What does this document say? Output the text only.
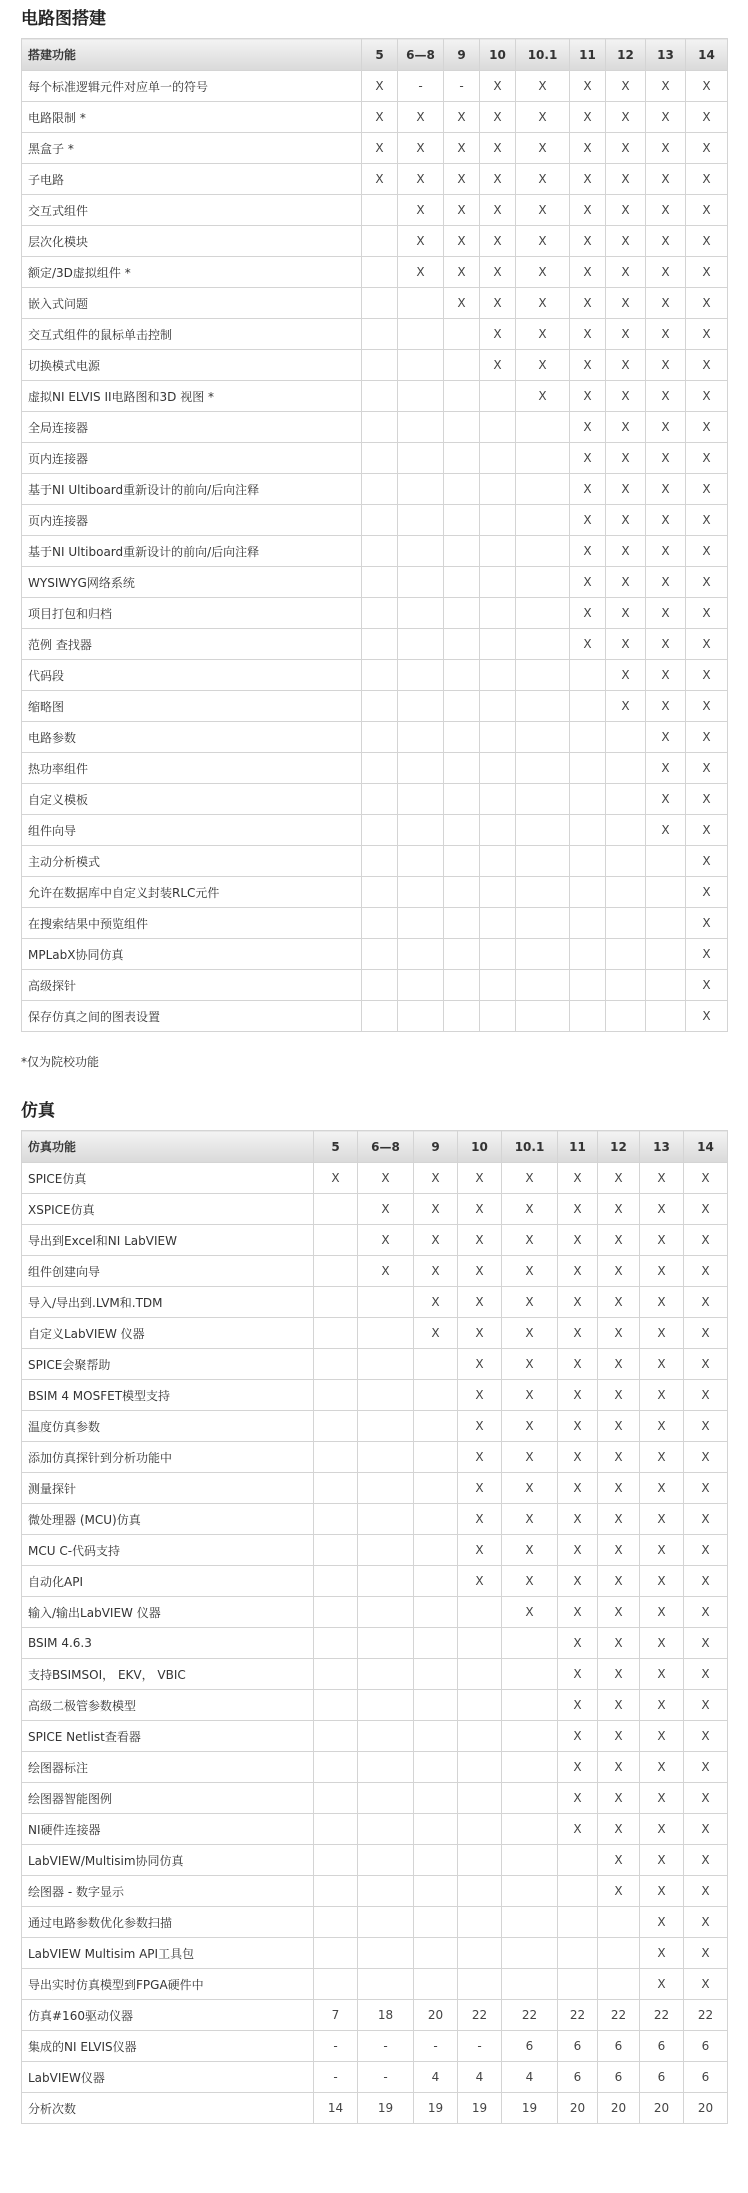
电路图搭建
搭建功能	5	6—8	9	10	10.1	11	12	13	14
每个标准逻辑元件对应单一的符号	X	-	-	X	X	X	X	X	X
电路限制 *	X	X	X	X	X	X	X	X	X
黑盒子 *	X	X	X	X	X	X	X	X	X
子电路	X	X	X	X	X	X	X	X	X
交互式组件		X	X	X	X	X	X	X	X
层次化模块		X	X	X	X	X	X	X	X
额定/3D虚拟组件 *		X	X	X	X	X	X	X	X
嵌入式问题			X	X	X	X	X	X	X
交互式组件的鼠标单击控制				X	X	X	X	X	X
切换模式电源				X	X	X	X	X	X
虚拟NI ELVIS II电路图和3D 视图 *					X	X	X	X	X
全局连接器						X	X	X	X
页内连接器						X	X	X	X
基于NI Ultiboard重新设计的前向/后向注释						X	X	X	X
页内连接器						X	X	X	X
基于NI Ultiboard重新设计的前向/后向注释						X	X	X	X
WYSIWYG网络系统						X	X	X	X
项目打包和归档						X	X	X	X
范例 查找器						X	X	X	X
代码段							X	X	X
缩略图							X	X	X
电路参数								X	X
热功率组件								X	X
自定义模板								X	X
组件向导								X	X
主动分析模式									X
允许在数据库中自定义封装RLC元件									X
在搜索结果中预览组件									X
MPLabX协同仿真									X
高级探针									X
保存仿真之间的图表设置									X

*仅为院校功能

仿真
仿真功能	5	6—8	9	10	10.1	11	12	13	14
SPICE仿真	X	X	X	X	X	X	X	X	X
XSPICE仿真		X	X	X	X	X	X	X	X
导出到Excel和NI LabVIEW		X	X	X	X	X	X	X	X
组件创建向导		X	X	X	X	X	X	X	X
导入/导出到.LVM和.TDM			X	X	X	X	X	X	X
自定义LabVIEW 仪器			X	X	X	X	X	X	X
SPICE会聚帮助				X	X	X	X	X	X
BSIM 4 MOSFET模型支持				X	X	X	X	X	X
温度仿真参数				X	X	X	X	X	X
添加仿真探针到分析功能中				X	X	X	X	X	X
测量探针				X	X	X	X	X	X
微处理器 (MCU)仿真				X	X	X	X	X	X
MCU C-代码支持				X	X	X	X	X	X
自动化API				X	X	X	X	X	X
输入/输出LabVIEW 仪器					X	X	X	X	X
BSIM 4.6.3						X	X	X	X
支持BSIMSOI， EKV， VBIC						X	X	X	X
高级二极管参数模型						X	X	X	X
SPICE Netlist查看器						X	X	X	X
绘图器标注						X	X	X	X
绘图器智能图例						X	X	X	X
NI硬件连接器						X	X	X	X
LabVIEW/Multisim协同仿真							X	X	X
绘图器 - 数字显示							X	X	X
通过电路参数优化参数扫描								X	X
LabVIEW Multisim API工具包								X	X
导出实时仿真模型到FPGA硬件中								X	X
仿真#160驱动仪器	7	18	20	22	22	22	22	22	22
集成的NI ELVIS仪器	-	-	-	-	6	6	6	6	6
LabVIEW仪器	-	-	4	4	4	6	6	6	6
分析次数	14	19	19	19	19	20	20	20	20
